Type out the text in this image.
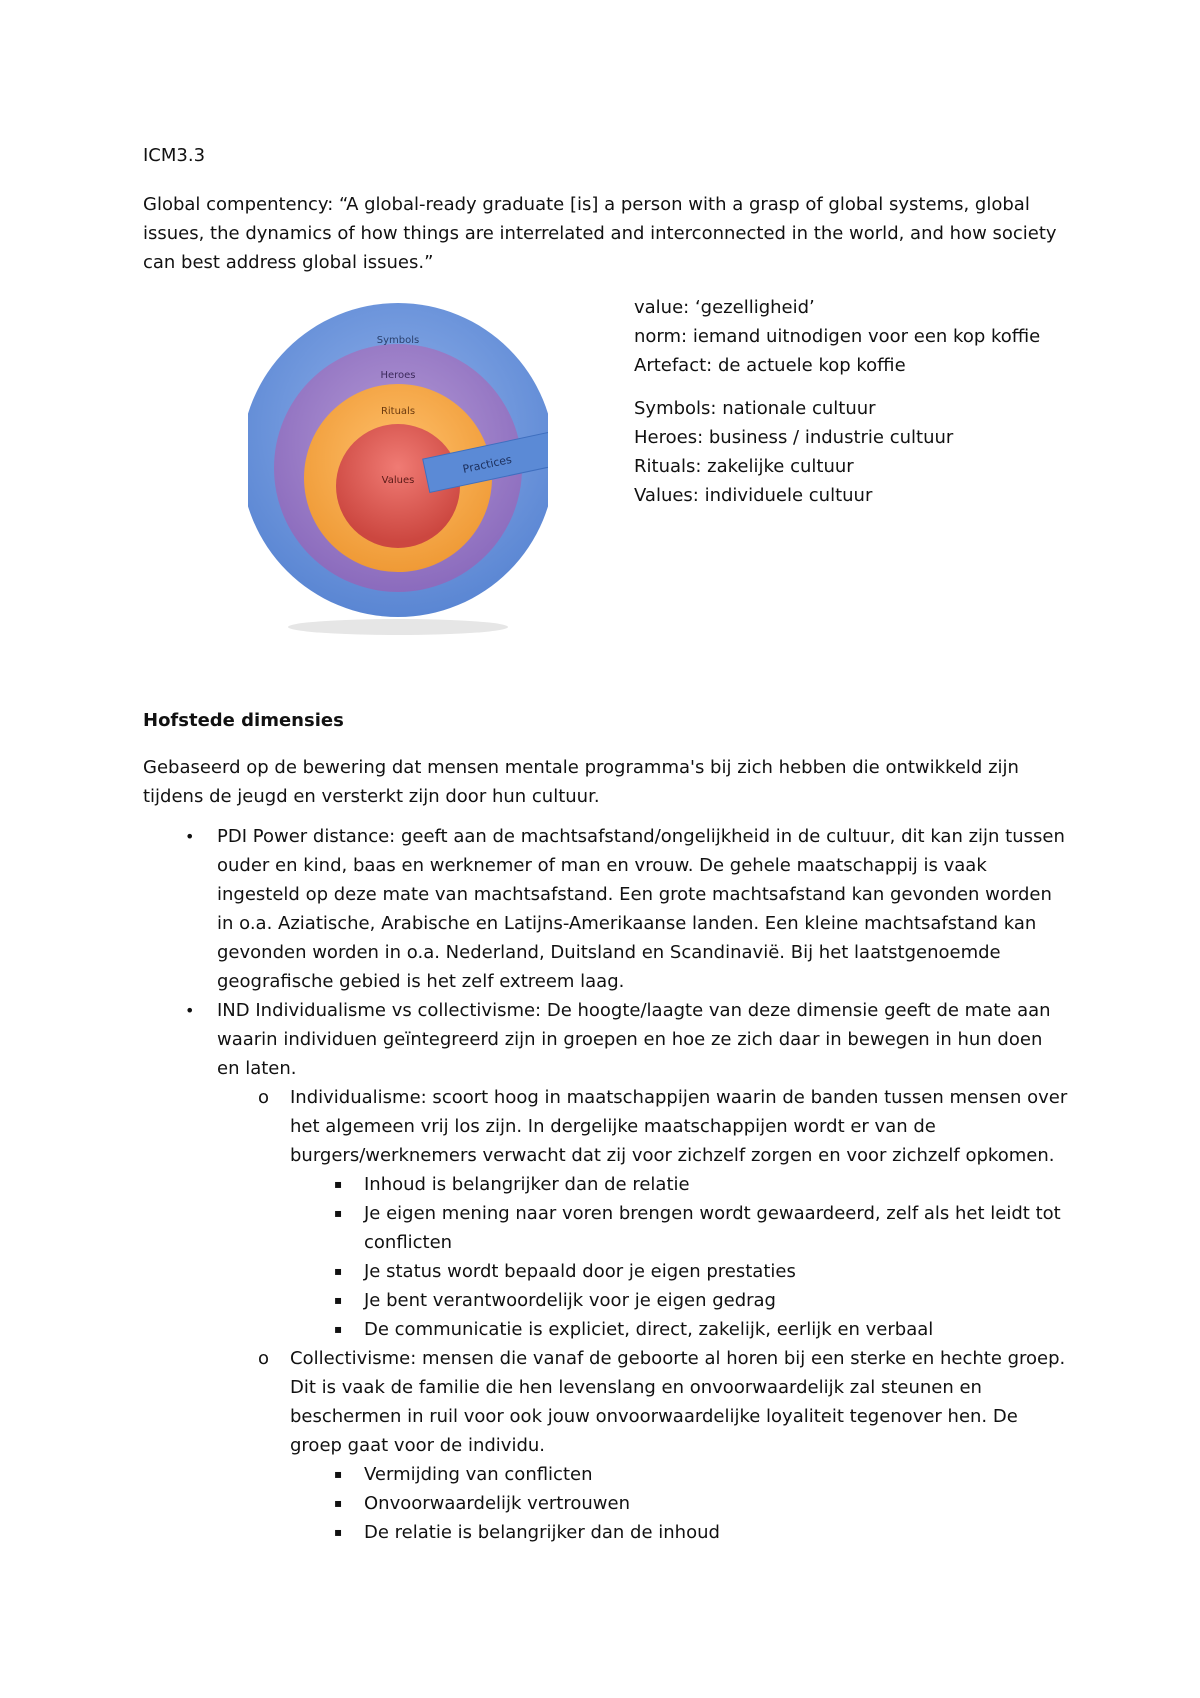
ICM3.3

Global compentency: “A global-ready graduate [is] a person with a grasp of global systems, global issues, the dynamics of how things are interrelated and interconnected in the world, and how society can best address global issues.”

Practices
Symbols
Heroes
Rituals
Values
value: ‘gezelligheid’
norm: iemand uitnodigen voor een kop koffie
Artefact: de actuele kop koffie
Symbols: nationale cultuur
Heroes: business / industrie cultuur
Rituals: zakelijke cultuur
Values: individuele cultuur
Hofstede dimensies

Gebaseerd op de bewering dat mensen mentale programma's bij zich hebben die ontwikkeld zijn tijdens de jeugd en versterkt zijn door hun cultuur.

• PDI Power distance: geeft aan de machtsafstand/ongelijkheid in de cultuur, dit kan zijn tussen ouder en kind, baas en werknemer of man en vrouw. De gehele maatschappij is vaak ingesteld op deze mate van machtsafstand. Een grote machtsafstand kan gevonden worden in o.a. Aziatische, Arabische en Latijns-Amerikaanse landen. Een kleine machtsafstand kan gevonden worden in o.a. Nederland, Duitsland en Scandinavië. Bij het laatstgenoemde geografische gebied is het zelf extreem laag.
• IND Individualisme vs collectivisme: De hoogte/laagte van deze dimensie geeft de mate aan waarin individuen geïntegreerd zijn in groepen en hoe ze zich daar in bewegen in hun doen en laten.
o Individualisme: scoort hoog in maatschappijen waarin de banden tussen mensen over het algemeen vrij los zijn. In dergelijke maatschappijen wordt er van de burgers/werknemers verwacht dat zij voor zichzelf zorgen en voor zichzelf opkomen.
▪ Inhoud is belangrijker dan de relatie
▪ Je eigen mening naar voren brengen wordt gewaardeerd, zelf als het leidt tot conflicten
▪ Je status wordt bepaald door je eigen prestaties
▪ Je bent verantwoordelijk voor je eigen gedrag
▪ De communicatie is expliciet, direct, zakelijk, eerlijk en verbaal
o Collectivisme: mensen die vanaf de geboorte al horen bij een sterke en hechte groep. Dit is vaak de familie die hen levenslang en onvoorwaardelijk zal steunen en beschermen in ruil voor ook jouw onvoorwaardelijke loyaliteit tegenover hen. De groep gaat voor de individu.
▪ Vermijding van conflicten
▪ Onvoorwaardelijk vertrouwen
▪ De relatie is belangrijker dan de inhoud
